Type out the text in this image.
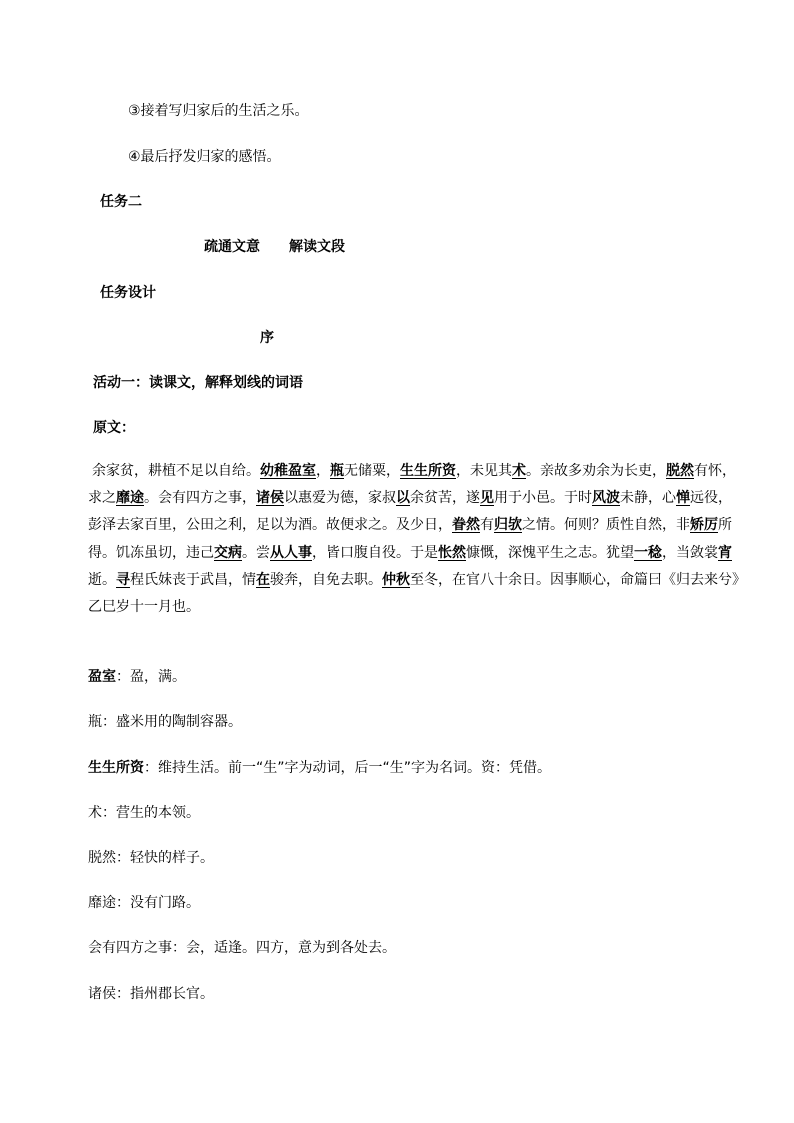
③接着写归家后的生活之乐。
④最后抒发归家的感悟。
任务二
疏通文意 解读文段
任务设计
序
活动一：读课文，解释划线的词语
原文：
余家贫，耕植不足以自给。幼稚盈室，瓶无储粟，生生所资，未见其术。亲故多劝余为长吏，脱然有怀，
求之靡途。会有四方之事，诸侯以惠爱为德，家叔以余贫苦，遂见用于小邑。于时风波未静，心惮远役，
彭泽去家百里，公田之利，足以为酒。故便求之。及少日，眷然有归欤之情。何则？质性自然，非矫厉所
得。饥冻虽切，违己交病。尝从人事，皆口腹自役。于是怅然慷慨，深愧平生之志。犹望一稔，当敛裳宵
逝。寻程氏妹丧于武昌，情在骏奔，自免去职。仲秋至冬，在官八十余日。因事顺心，命篇曰《归去来兮》
乙巳岁十一月也。
盈室：盈，满。
瓶：盛米用的陶制容器。
生生所资：维持生活。前一“生”字为动词，后一“生”字为名词。资：凭借。
术：营生的本领。
脱然：轻快的样子。
靡途：没有门路。
会有四方之事：会，适逢。四方，意为到各处去。
诸侯：指州郡长官。
